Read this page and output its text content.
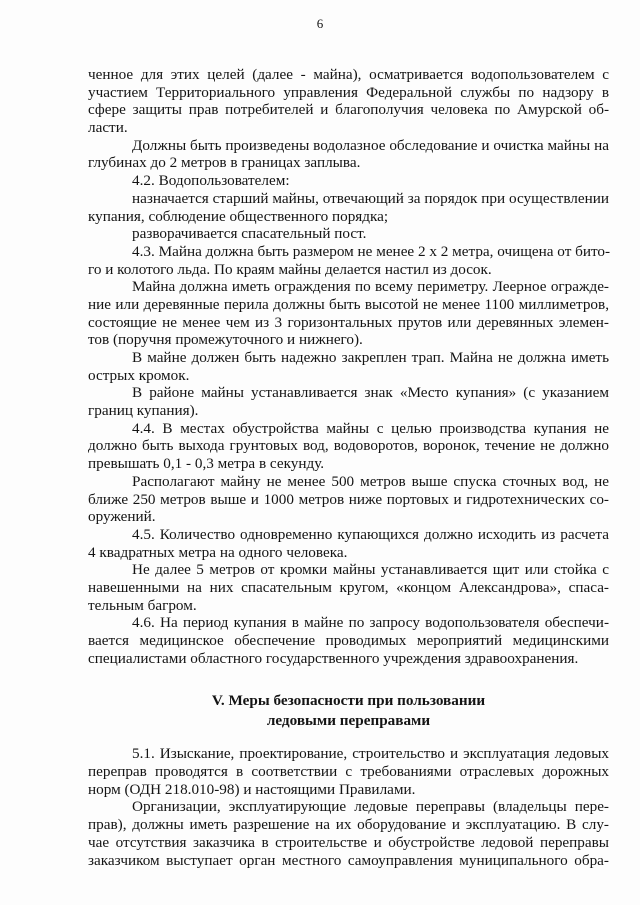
6
ченное для этих целей (далее - майна), осматривается водопользователем с
участием Территориального управления Федеральной службы по надзору в
сфере защиты прав потребителей и благополучия человека по Амурской об-
ласти.
Должны быть произведены водолазное обследование и очистка майны на
глубинах до 2 метров в границах заплыва.
4.2. Водопользователем:
назначается старший майны, отвечающий за порядок при осуществлении
купания, соблюдение общественного порядка;
разворачивается спасательный пост.
4.3. Майна должна быть размером не менее 2 х 2 метра, очищена от бито-
го и колотого льда. По краям майны делается настил из досок.
Майна должна иметь ограждения по всему периметру. Леерное огражде-
ние или деревянные перила должны быть высотой не менее 1100 миллиметров,
состоящие не менее чем из 3 горизонтальных прутов или деревянных элемен-
тов (поручня промежуточного и нижнего).
В майне должен быть надежно закреплен трап. Майна не должна иметь
острых кромок.
В районе майны устанавливается знак «Место купания» (с указанием
границ купания).
4.4. В местах обустройства майны с целью производства купания не
должно быть выхода грунтовых вод, водоворотов, воронок, течение не должно
превышать 0,1 - 0,3 метра в секунду.
Располагают майну не менее 500 метров выше спуска сточных вод, не
ближе 250 метров выше и 1000 метров ниже портовых и гидротехнических со-
оружений.
4.5. Количество одновременно купающихся должно исходить из расчета
4 квадратных метра на одного человека.
Не далее 5 метров от кромки майны устанавливается щит или стойка с
навешенными на них спасательным кругом, «концом Александрова», спаса-
тельным багром.
4.6. На период купания в майне по запросу водопользователя обеспечи-
вается медицинское обеспечение проводимых мероприятий медицинскими
специалистами областного государственного учреждения здравоохранения.
V. Меры безопасности при пользовании
ледовыми переправами
5.1. Изыскание, проектирование, строительство и эксплуатация ледовых
переправ проводятся в соответствии с требованиями отраслевых дорожных
норм (ОДН 218.010-98) и настоящими Правилами.
Организации, эксплуатирующие ледовые переправы (владельцы пере-
прав), должны иметь разрешение на их оборудование и эксплуатацию. В слу-
чае отсутствия заказчика в строительстве и обустройстве ледовой переправы
заказчиком выступает орган местного самоуправления муниципального обра-
